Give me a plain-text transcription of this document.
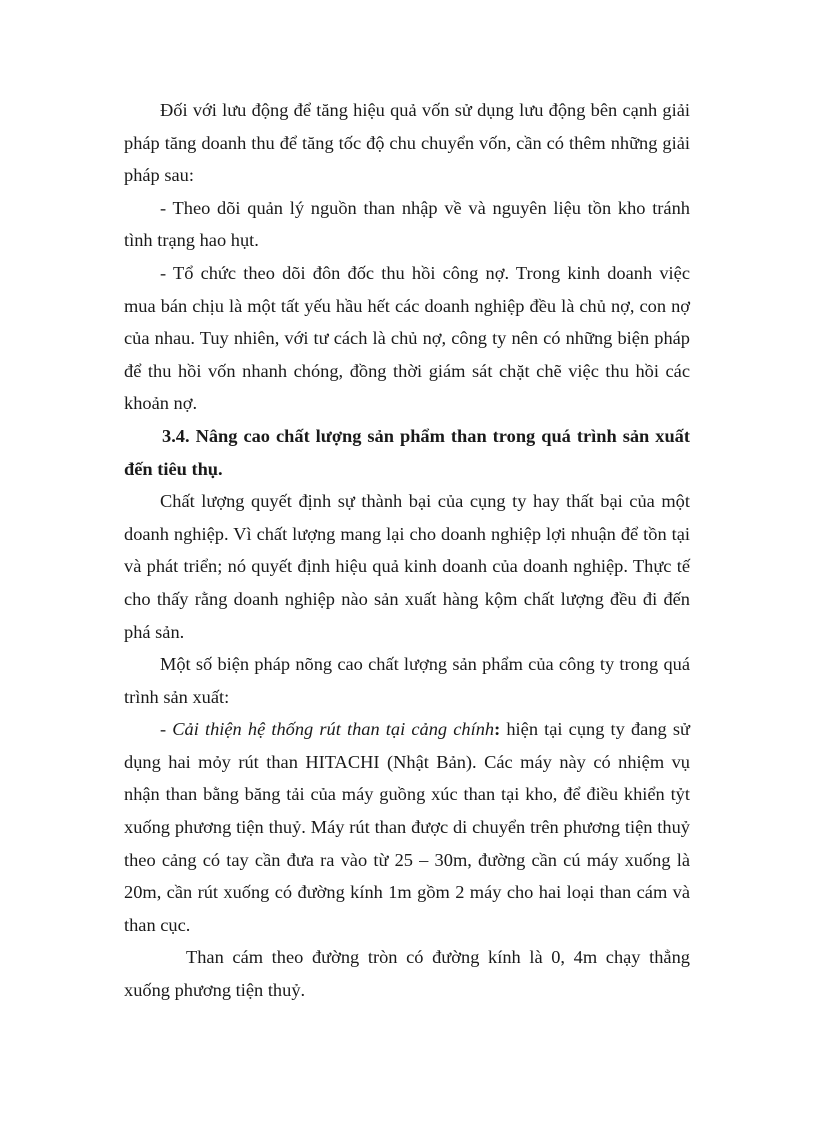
Đối với lưu động để tăng hiệu quả vốn sử dụng lưu động bên cạnh giải pháp tăng doanh thu để tăng tốc độ chu chuyển vốn, cần có thêm những giải pháp sau:

- Theo dõi quản lý nguồn than nhập về và nguyên liệu tồn kho tránh tình trạng hao hụt.

- Tổ chức theo dõi đôn đốc thu hồi công nợ. Trong kinh doanh việc mua bán chịu là một tất yếu hầu hết các doanh nghiệp đều là chủ nợ, con nợ của nhau. Tuy nhiên, với tư cách là chủ nợ, công ty nên có những biện pháp để thu hồi vốn nhanh chóng, đồng thời giám sát chặt chẽ việc thu hồi các khoản nợ.

3.4. Nâng cao chất lượng sản phẩm than trong quá trình sản xuất đến tiêu thụ.

Chất lượng quyết định sự thành bại của cụng ty hay thất bại của một doanh nghiệp. Vì chất lượng mang lại cho doanh nghiệp lợi nhuận để tồn tại và phát triển; nó quyết định hiệu quả kinh doanh của doanh nghiệp. Thực tế cho thấy rằng doanh nghiệp nào sản xuất hàng kộm chất lượng đều đi đến phá sản.

Một số biện pháp nõng cao chất lượng sản phẩm của công ty trong quá trình sản xuất:

- Cải thiện hệ thống rút than tại cảng chính: hiện tại cụng ty đang sử dụng hai mỏy rút than HITACHI (Nhật Bản). Các máy này có nhiệm vụ nhận than bằng băng tải của máy guồng xúc than tại kho, để điều khiển tỷt xuống phương tiện thuỷ. Máy rút than được di chuyển trên phương tiện thuỷ theo cảng có tay cần đưa ra vào từ 25 – 30m, đường cần cú máy xuống là 20m, cần rút xuống có đường kính 1m gồm 2 máy cho hai loại than cám và than cục.

Than cám theo đường tròn có đường kính là 0, 4m chạy thẳng xuống phương tiện thuỷ.
